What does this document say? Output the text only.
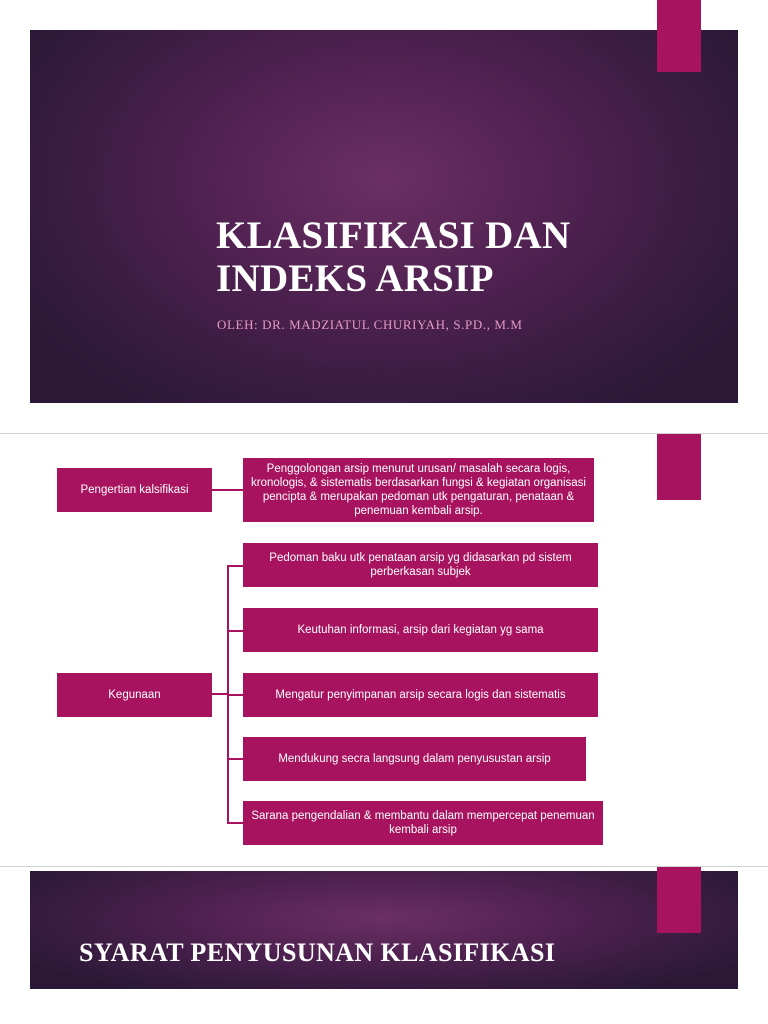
KLASIFIKASI DAN
INDEKS ARSIP
OLEH: DR. MADZIATUL CHURIYAH, S.PD., M.M
Pengertian kalsifikasi
Penggolongan arsip menurut urusan/ masalah secara logis, kronologis, & sistematis berdasarkan fungsi & kegiatan organisasi pencipta & merupakan pedoman utk pengaturan, penataan & penemuan kembali arsip.
Kegunaan
Pedoman baku utk penataan arsip yg didasarkan pd sistem perberkasan subjek
Keutuhan informasi, arsip dari kegiatan yg sama
Mengatur penyimpanan arsip secara logis dan sistematis
Mendukung secra langsung dalam penyusustan arsip
Sarana pengendalian & membantu dalam mempercepat penemuan kembali arsip
SYARAT PENYUSUNAN KLASIFIKASI
